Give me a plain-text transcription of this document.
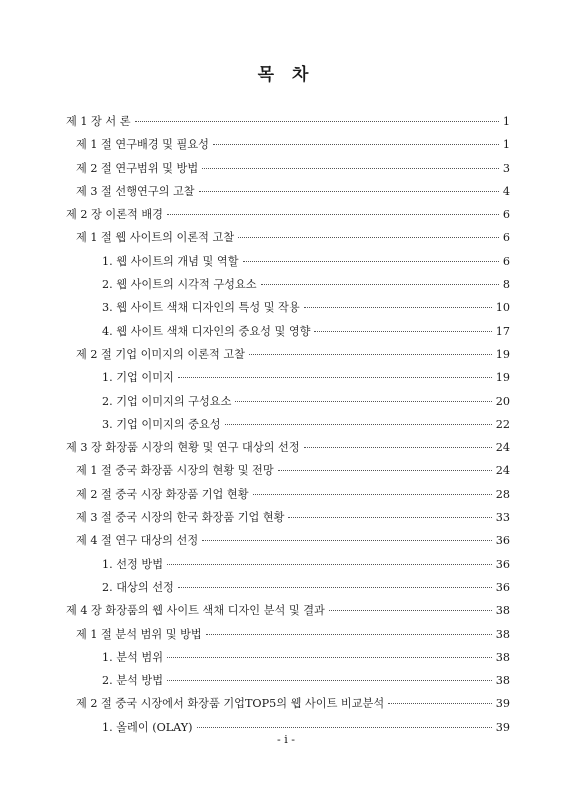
목 차
제 1 장 서 론	1
제 1 절 연구배경 및 필요성	1
제 2 절 연구범위 및 방법	3
제 3 절 선행연구의 고찰	4
제 2 장 이론적 배경	6
제 1 절 웹 사이트의 이론적 고찰	6
1. 웹 사이트의 개념 및 역할	6
2. 웹 사이트의 시각적 구성요소	8
3. 웹 사이트 색채 디자인의 특성 및 작용	10
4. 웹 사이트 색채 디자인의 중요성 및 영향	17
제 2 절 기업 이미지의 이론적 고찰	19
1. 기업 이미지	19
2. 기업 이미지의 구성요소	20
3. 기업 이미지의 중요성	22
제 3 장 화장품 시장의 현황 및 연구 대상의 선정	24
제 1 절 중국 화장품 시장의 현황 및 전망	24
제 2 절 중국 시장 화장품 기업 현황	28
제 3 절 중국 시장의 한국 화장품 기업 현황	33
제 4 절 연구 대상의 선정	36
1. 선정 방법	36
2. 대상의 선정	36
제 4 장 화장품의 웹 사이트 색채 디자인 분석 및 결과	38
제 1 절 분석 범위 및 방법	38
1. 분석 범위	38
2. 분석 방법	38
제 2 절 중국 시장에서 화장품 기업TOP5의 웹 사이트 비교분석	39
1. 올레이 (OLAY)	39
- i -
